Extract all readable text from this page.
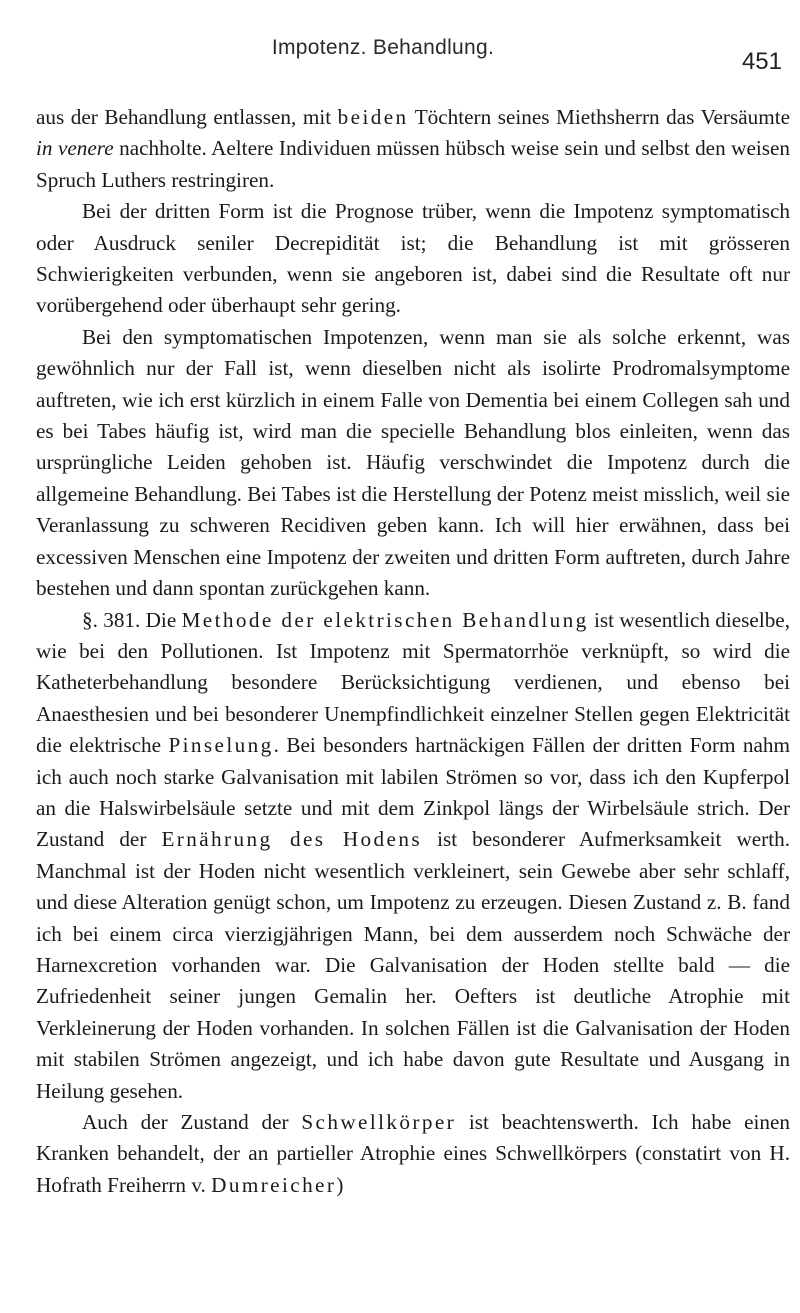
Impotenz. Behandlung.
451

aus der Behandlung entlassen, mit beiden Töchtern seines Miethsherrn das Versäumte in venere nachholte. Aeltere Individuen müssen hübsch weise sein und selbst den weisen Spruch Luthers restringiren.

Bei der dritten Form ist die Prognose trüber, wenn die Impotenz symptomatisch oder Ausdruck seniler Decrepidität ist; die Behandlung ist mit grösseren Schwierigkeiten verbunden, wenn sie angeboren ist, dabei sind die Resultate oft nur vorübergehend oder überhaupt sehr gering.

Bei den symptomatischen Impotenzen, wenn man sie als solche erkennt, was gewöhnlich nur der Fall ist, wenn dieselben nicht als isolirte Prodromalsymptome auftreten, wie ich erst kürzlich in einem Falle von Dementia bei einem Collegen sah und es bei Tabes häufig ist, wird man die specielle Behandlung blos einleiten, wenn das ursprüngliche Leiden gehoben ist. Häufig verschwindet die Impotenz durch die allgemeine Behandlung. Bei Tabes ist die Herstellung der Potenz meist misslich, weil sie Veranlassung zu schweren Recidiven geben kann. Ich will hier erwähnen, dass bei excessiven Menschen eine Impotenz der zweiten und dritten Form auftreten, durch Jahre bestehen und dann spontan zurückgehen kann.

§. 381. Die Methode der elektrischen Behandlung ist wesentlich dieselbe, wie bei den Pollutionen. Ist Impotenz mit Spermatorrhöe verknüpft, so wird die Katheterbehandlung besondere Berücksichtigung verdienen, und ebenso bei Anaesthesien und bei besonderer Unempfindlichkeit einzelner Stellen gegen Elektricität die elektrische Pinselung. Bei besonders hartnäckigen Fällen der dritten Form nahm ich auch noch starke Galvanisation mit labilen Strömen so vor, dass ich den Kupferpol an die Halswirbelsäule setzte und mit dem Zinkpol längs der Wirbelsäule strich. Der Zustand der Ernährung des Hodens ist besonderer Aufmerksamkeit werth. Manchmal ist der Hoden nicht wesentlich verkleinert, sein Gewebe aber sehr schlaff, und diese Alteration genügt schon, um Impotenz zu erzeugen. Diesen Zustand z. B. fand ich bei einem circa vierzigjährigen Mann, bei dem ausserdem noch Schwäche der Harnexcretion vorhanden war. Die Galvanisation der Hoden stellte bald — die Zufriedenheit seiner jungen Gemalin her. Oefters ist deutliche Atrophie mit Verkleinerung der Hoden vorhanden. In solchen Fällen ist die Galvanisation der Hoden mit stabilen Strömen angezeigt, und ich habe davon gute Resultate und Ausgang in Heilung gesehen.

Auch der Zustand der Schwellkörper ist beachtenswerth. Ich habe einen Kranken behandelt, der an partieller Atrophie eines Schwellkörpers (constatirt von H. Hofrath Freiherrn v. Dumreicher)
